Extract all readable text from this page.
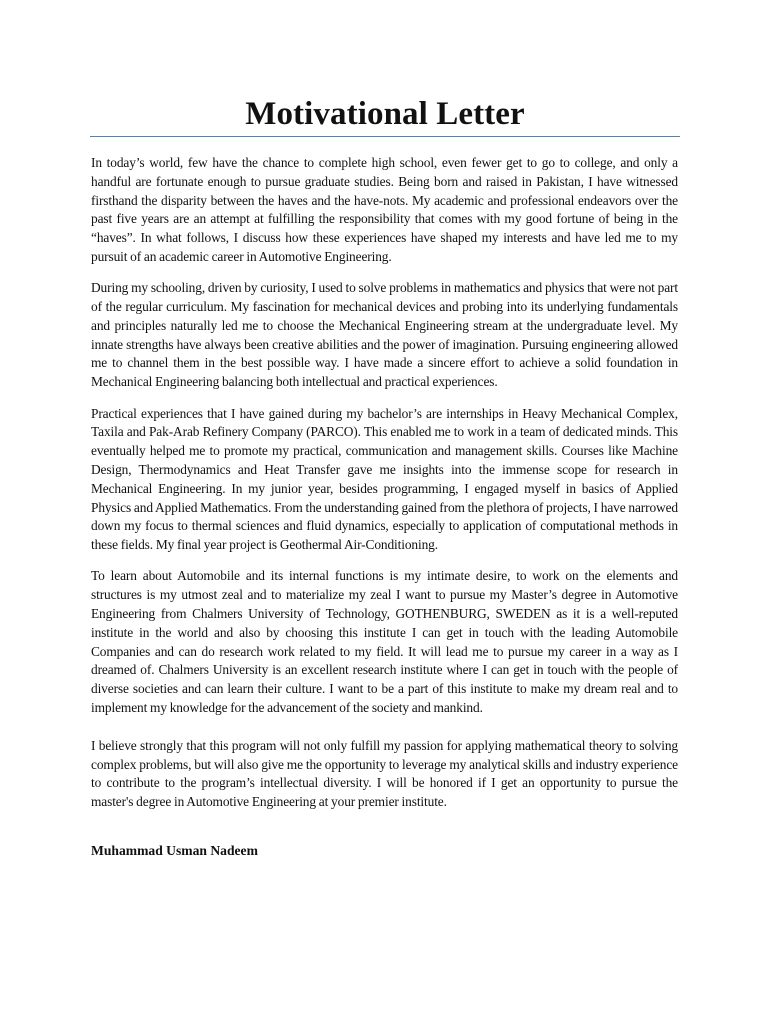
Motivational Letter

In today’s world, few have the chance to complete high school, even fewer get to go to college, and only a handful are fortunate enough to pursue graduate studies. Being born and raised in Pakistan, I have witnessed firsthand the disparity between the haves and the have-nots. My academic and professional endeavors over the past five years are an attempt at fulfilling the responsibility that comes with my good fortune of being in the “haves”. In what follows, I discuss how these experiences have shaped my interests and have led me to my pursuit of an academic career in Automotive Engineering.

During my schooling, driven by curiosity, I used to solve problems in mathematics and physics that were not part of the regular curriculum. My fascination for mechanical devices and probing into its underlying fundamentals and principles naturally led me to choose the Mechanical Engineering stream at the undergraduate level. My innate strengths have always been creative abilities and the power of imagination. Pursuing engineering allowed me to channel them in the best possible way. I have made a sincere effort to achieve a solid foundation in Mechanical Engineering balancing both intellectual and practical experiences.

Practical experiences that I have gained during my bachelor’s are internships in Heavy Mechanical Complex, Taxila and Pak-Arab Refinery Company (PARCO). This enabled me to work in a team of dedicated minds. This eventually helped me to promote my practical, communication and management skills. Courses like Machine Design, Thermodynamics and Heat Transfer gave me insights into the immense scope for research in Mechanical Engineering. In my junior year, besides programming, I engaged myself in basics of Applied Physics and Applied Mathematics. From the understanding gained from the plethora of projects, I have narrowed down my focus to thermal sciences and fluid dynamics, especially to application of computational methods in these fields. My final year project is Geothermal Air-Conditioning.

To learn about Automobile and its internal functions is my intimate desire, to work on the elements and structures is my utmost zeal and to materialize my zeal I want to pursue my Master’s degree in Automotive Engineering from Chalmers University of Technology, GOTHENBURG, SWEDEN as it is a well-reputed institute in the world and also by choosing this institute I can get in touch with the leading Automobile Companies and can do research work related to my field. It will lead me to pursue my career in a way as I dreamed of. Chalmers University is an excellent research institute where I can get in touch with the people of diverse societies and can learn their culture. I want to be a part of this institute to make my dream real and to implement my knowledge for the advancement of the society and mankind.

I believe strongly that this program will not only fulfill my passion for applying mathematical theory to solving complex problems, but will also give me the opportunity to leverage my analytical skills and industry experience to contribute to the program’s intellectual diversity. I will be honored if I get an opportunity to pursue the master's degree in Automotive Engineering at your premier institute.

Muhammad Usman Nadeem
